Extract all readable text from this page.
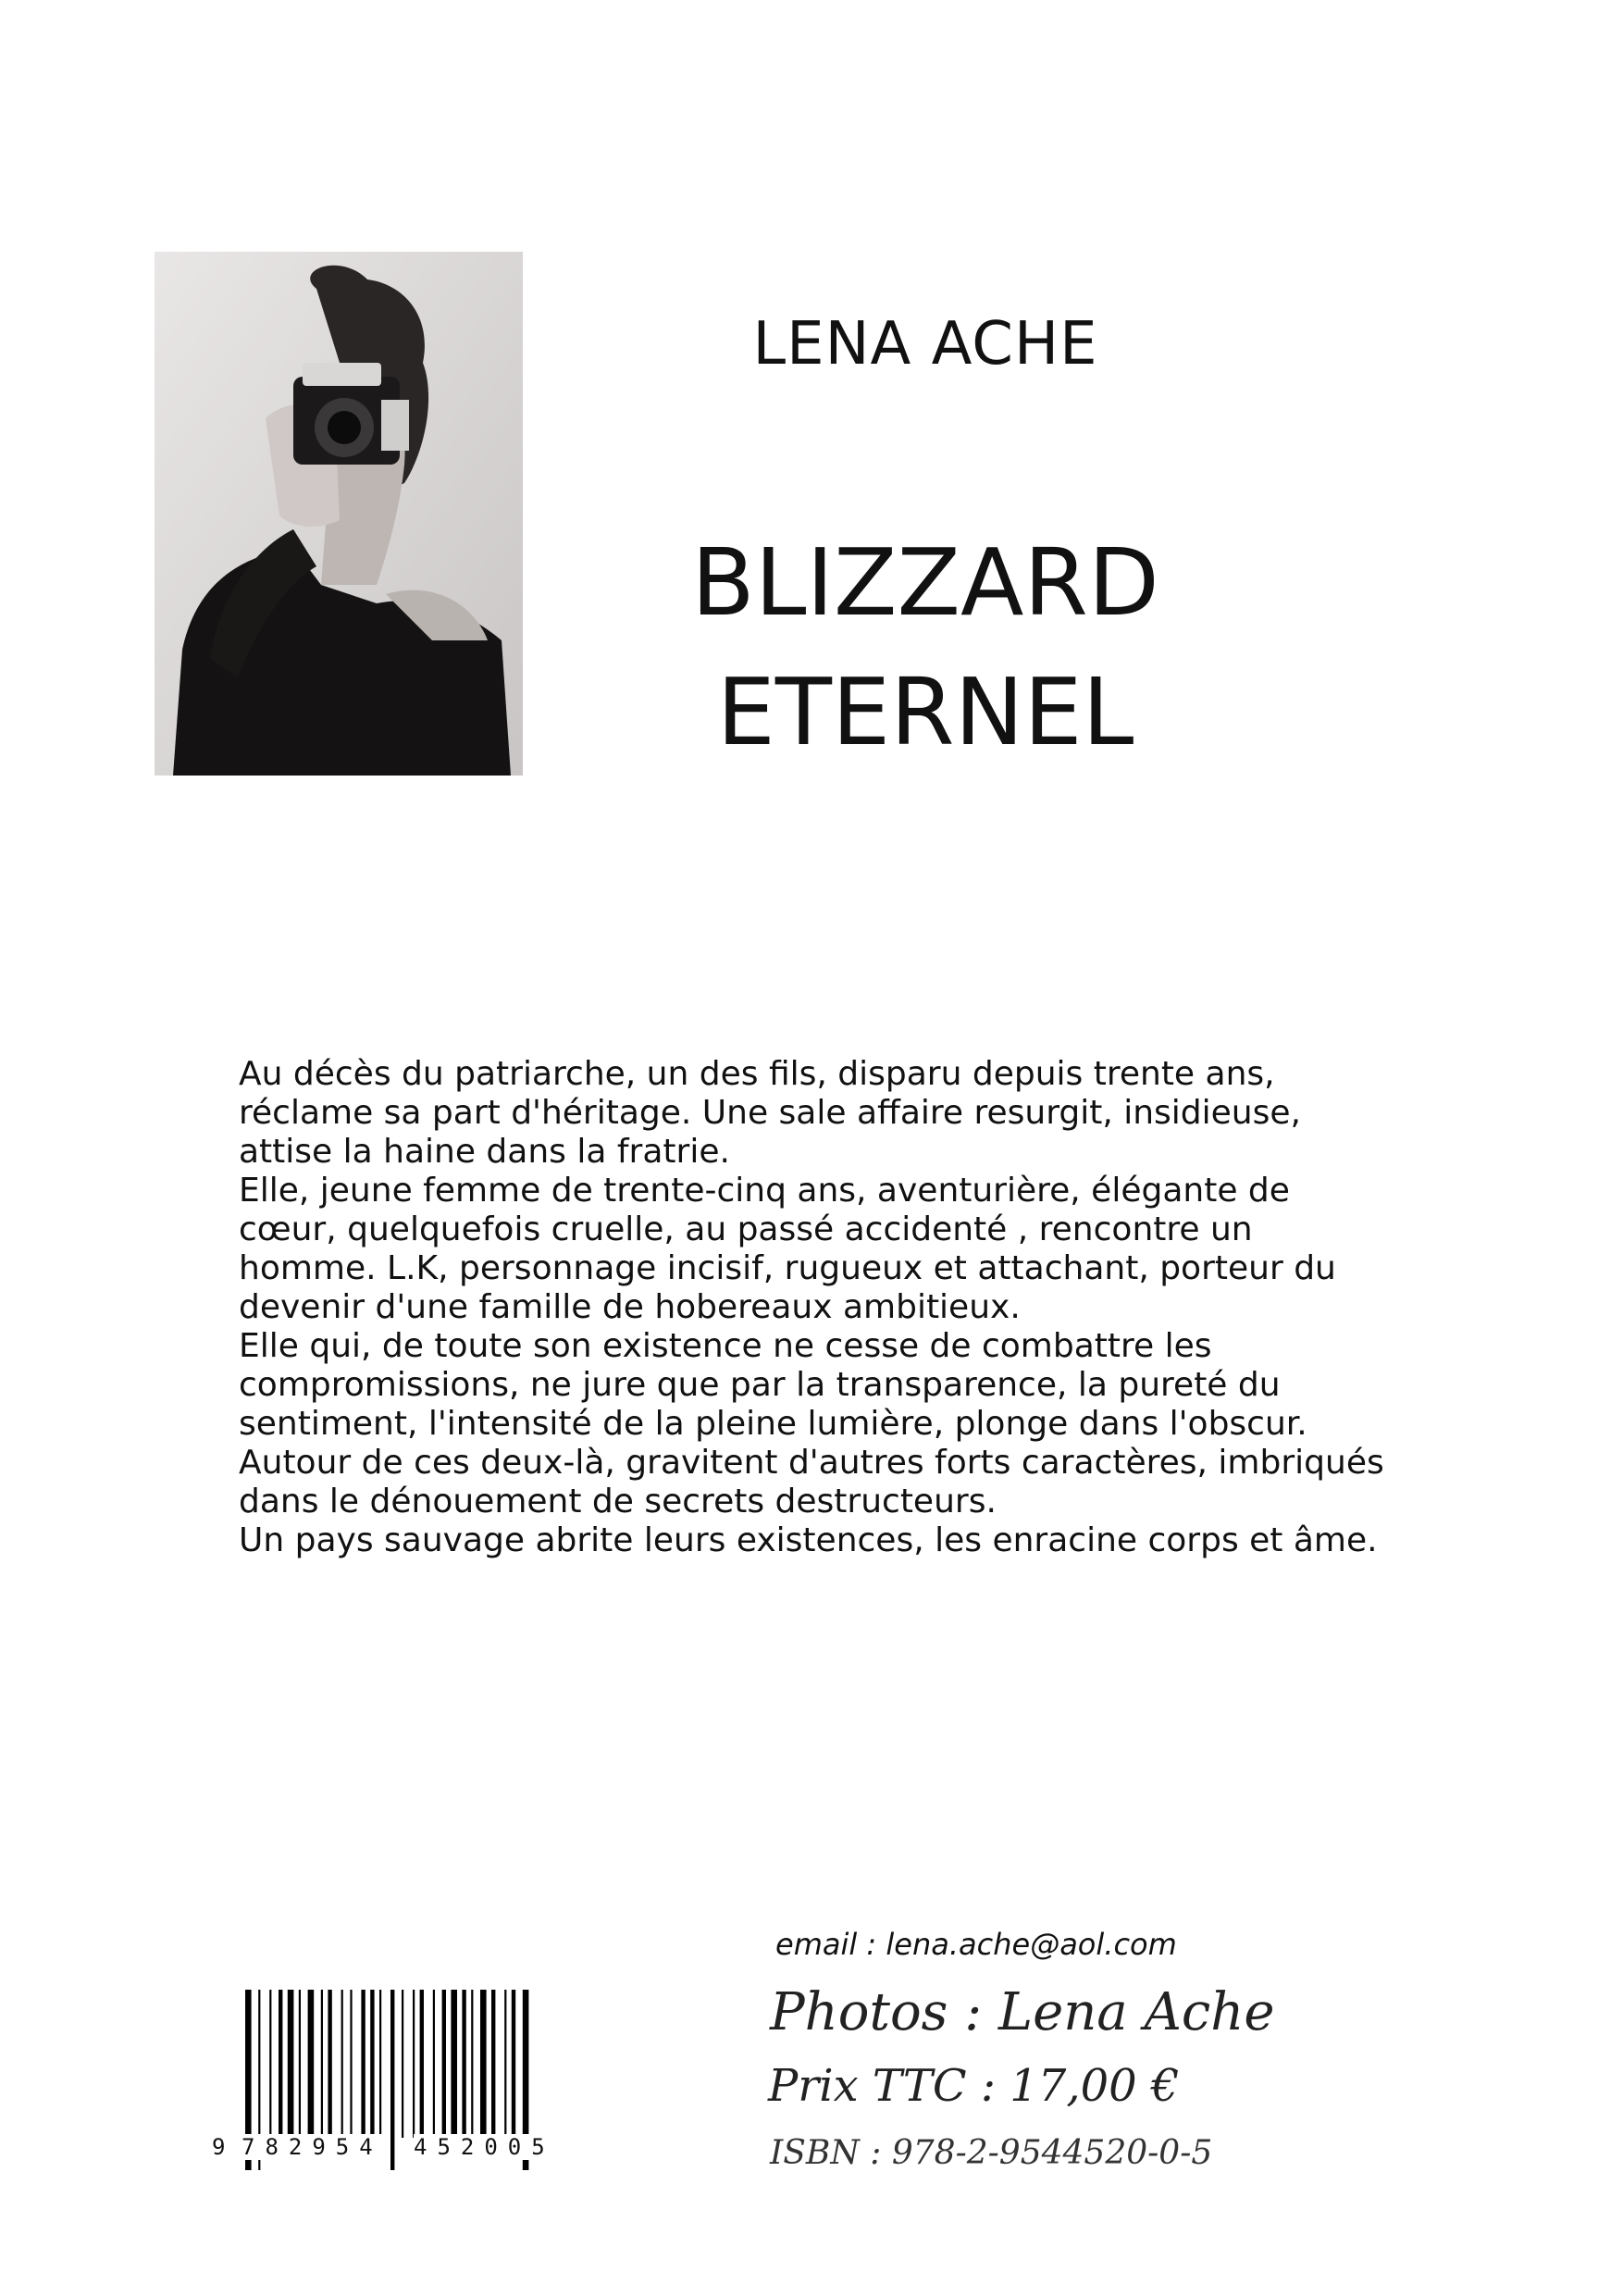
LENA ACHE
BLIZZARD
ETERNEL

Au décès du patriarche, un des fils, disparu depuis trente ans, réclame sa part d'héritage. Une sale affaire resurgit, insidieuse, attise la haine dans la fratrie.

Elle, jeune femme de trente-cinq ans, aventurière, élégante de cœur, quelquefois cruelle, au passé accidenté , rencontre un homme. L.K, personnage incisif, rugueux et attachant, porteur du devenir d'une famille de hobereaux ambitieux.

Elle qui, de toute son existence ne cesse de combattre les compromissions, ne jure que par la transparence, la pureté du sentiment, l'intensité de la pleine lumière, plonge dans l'obscur.

Autour de ces deux-là, gravitent d'autres forts caractères, imbriqués dans le dénouement de secrets destructeurs.

Un pays sauvage abrite leurs existences, les enracine corps et âme.

email : lena.ache@aol.com
Photos : Lena Ache
Prix TTC : 17,00 €
ISBN : 978-2-9544520-0-5
9 782954 452005
